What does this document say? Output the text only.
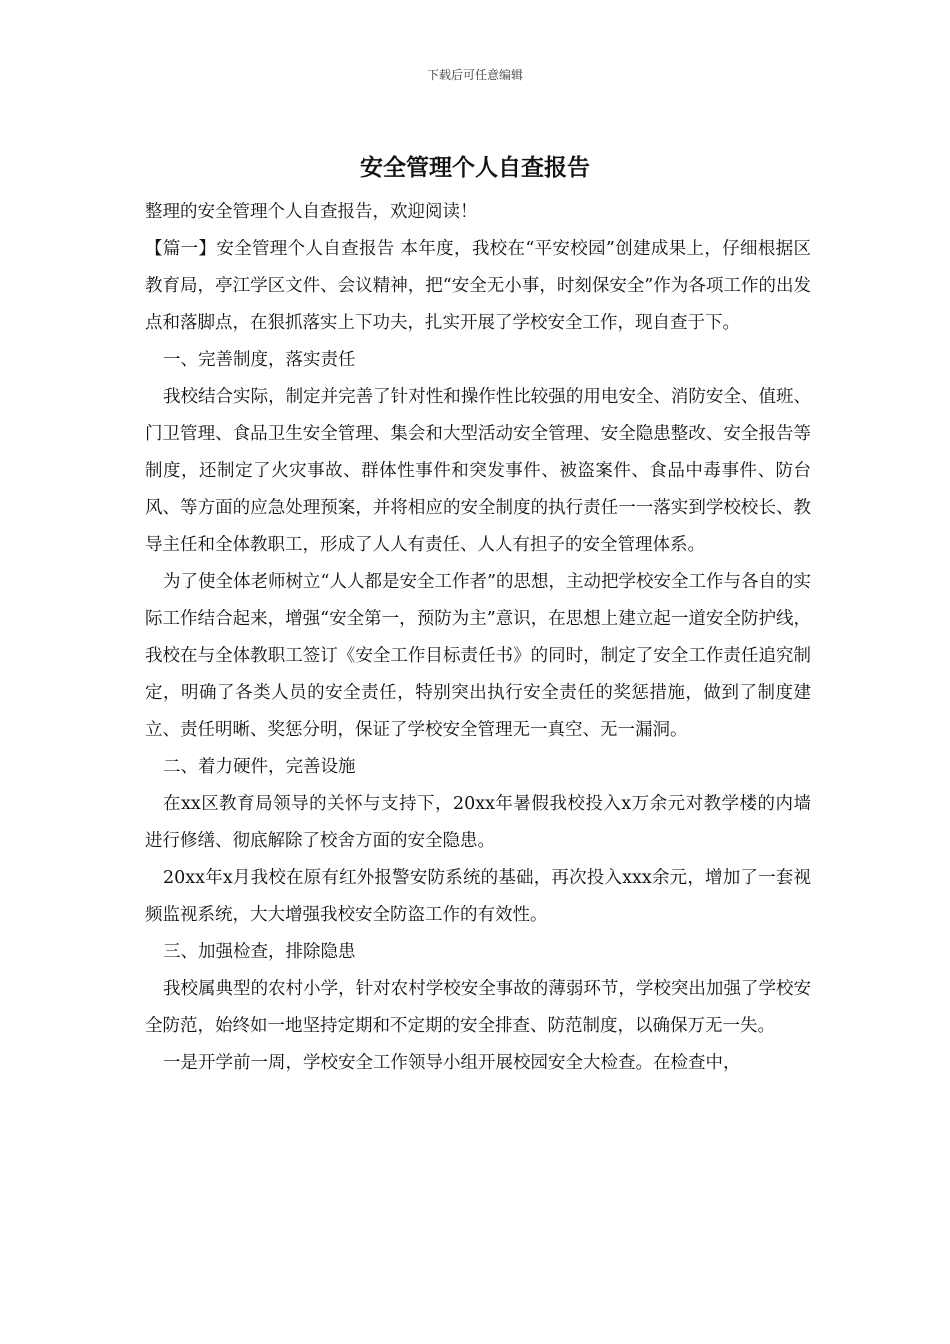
下载后可任意编辑
安全管理个人自查报告

整理的安全管理个人自查报告，欢迎阅读！

【篇一】安全管理个人自查报告 本年度，我校在“平安校园”创建成果上，仔细根据区教育局，亭江学区文件、会议精神，把“安全无小事，时刻保安全”作为各项工作的出发点和落脚点，在狠抓落实上下功夫，扎实开展了学校安全工作，现自查于下。

一、完善制度，落实责任

我校结合实际，制定并完善了针对性和操作性比较强的用电安全、消防安全、值班、门卫管理、食品卫生安全管理、集会和大型活动安全管理、安全隐患整改、安全报告等制度，还制定了火灾事故、群体性事件和突发事件、被盗案件、食品中毒事件、防台风、等方面的应急处理预案，并将相应的安全制度的执行责任一一落实到学校校长、教导主任和全体教职工，形成了人人有责任、人人有担子的安全管理体系。

为了使全体老师树立“人人都是安全工作者”的思想，主动把学校安全工作与各自的实际工作结合起来，增强“安全第一，预防为主”意识，在思想上建立起一道安全防护线，我校在与全体教职工签订《安全工作目标责任书》的同时，制定了安全工作责任追究制定，明确了各类人员的安全责任，特别突出执行安全责任的奖惩措施，做到了制度建立、责任明晰、奖惩分明，保证了学校安全管理无一真空、无一漏洞。

二、着力硬件，完善设施

在xx区教育局领导的关怀与支持下，20xx年暑假我校投入x万余元对教学楼的内墙进行修缮、彻底解除了校舍方面的安全隐患。

20xx年x月我校在原有红外报警安防系统的基础，再次投入xxx余元，增加了一套视频监视系统，大大增强我校安全防盗工作的有效性。

三、加强检查，排除隐患

我校属典型的农村小学，针对农村学校安全事故的薄弱环节，学校突出加强了学校安全防范，始终如一地坚持定期和不定期的安全排查、防范制度，以确保万无一失。

一是开学前一周，学校安全工作领导小组开展校园安全大检查。在检查中，
